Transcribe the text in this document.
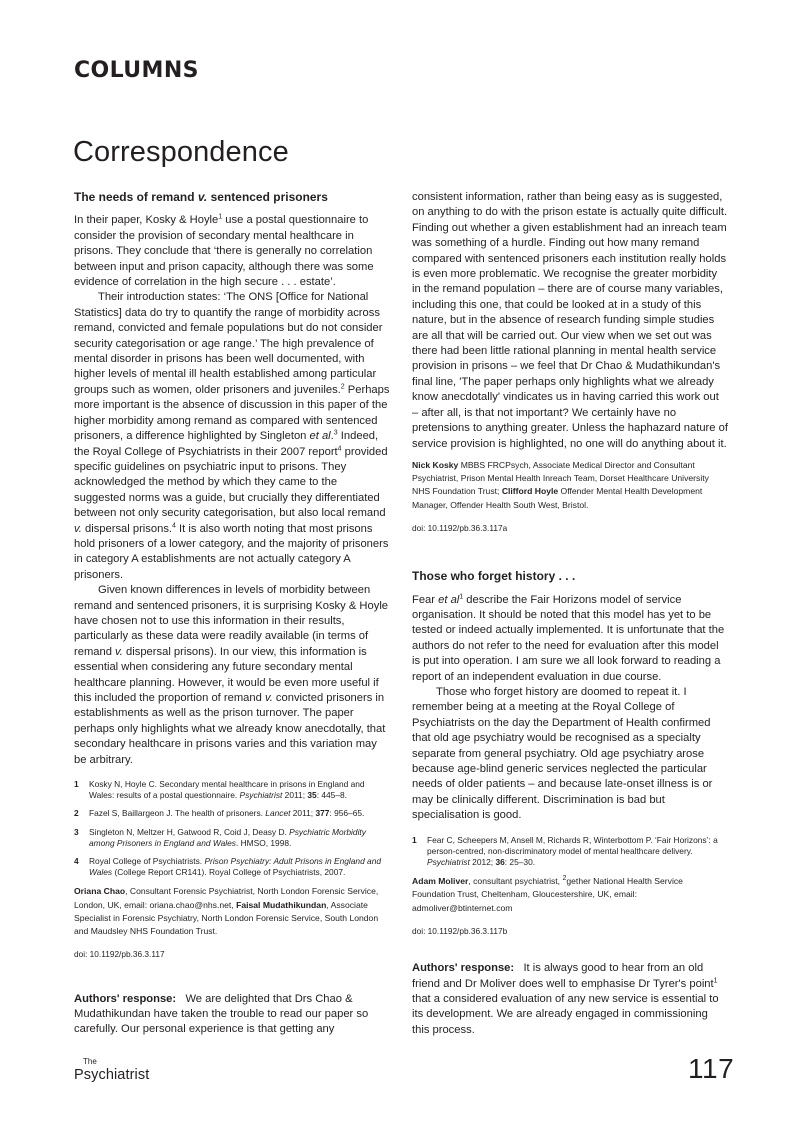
COLUMNS
Correspondence
The needs of remand v. sentenced prisoners

In their paper, Kosky & Hoyle$^1$ use a postal questionnaire to consider the provision of secondary mental healthcare in prisons. They conclude that ‘there is generally no correlation between input and prison capacity, although there was some evidence of correlation in the high secure . . . estate’.

Their introduction states: ‘The ONS [Office for National Statistics] data do try to quantify the range of morbidity across remand, convicted and female populations but do not consider security categorisation or age range.’ The high prevalence of mental disorder in prisons has been well documented, with higher levels of mental ill health established among particular groups such as women, older prisoners and juveniles.$^2$ Perhaps more important is the absence of discussion in this paper of the higher morbidity among remand as compared with sentenced prisoners, a difference highlighted by Singleton et al.$^3$ Indeed, the Royal College of Psychiatrists in their 2007 report$^4$ provided specific guidelines on psychiatric input to prisons. They acknowledged the method by which they came to the suggested norms was a guide, but crucially they differentiated between not only security categorisation, but also local remand v. dispersal prisons.$^4$ It is also worth noting that most prisons hold prisoners of a lower category, and the majority of prisoners in category A establishments are not actually category A prisoners.

Given known differences in levels of morbidity between remand and sentenced prisoners, it is surprising Kosky & Hoyle have chosen not to use this information in their results, particularly as these data were readily available (in terms of remand v. dispersal prisons). In our view, this information is essential when considering any future secondary mental healthcare planning. However, it would be even more useful if this included the proportion of remand v. convicted prisoners in establishments as well as the prison turnover. The paper perhaps only highlights what we already know anecdotally, that secondary healthcare in prisons varies and this variation may be arbitrary.

1	Kosky N, Hoyle C. Secondary mental healthcare in prisons in England and Wales: results of a postal questionnaire. Psychiatrist 2011; 35: 445–8.
2	Fazel S, Baillargeon J. The health of prisoners. Lancet 2011; 377: 956–65.
3	Singleton N, Meltzer H, Gatwood R, Coid J, Deasy D. Psychiatric Morbidity among Prisoners in England and Wales. HMSO, 1998.
4	Royal College of Psychiatrists. Prison Psychiatry: Adult Prisons in England and Wales (College Report CR141). Royal College of Psychiatrists, 2007.

Oriana Chao, Consultant Forensic Psychiatrist, North London Forensic Service, London, UK, email: oriana.chao@nhs.net, Faisal Mudathikundan, Associate Specialist in Forensic Psychiatry, North London Forensic Service, South London and Maudsley NHS Foundation Trust.

doi: 10.1192/pb.36.3.117

Authors' response: We are delighted that Drs Chao & Mudathikundan have taken the trouble to read our paper so carefully. Our personal experience is that getting any

consistent information, rather than being easy as is suggested, on anything to do with the prison estate is actually quite difficult. Finding out whether a given establishment had an inreach team was something of a hurdle. Finding out how many remand compared with sentenced prisoners each institution really holds is even more problematic. We recognise the greater morbidity in the remand population – there are of course many variables, including this one, that could be looked at in a study of this nature, but in the absence of research funding simple studies are all that will be carried out. Our view when we set out was there had been little rational planning in mental health service provision in prisons – we feel that Dr Chao & Mudathikundan's final line, 'The paper perhaps only highlights what we already know anecdotally' vindicates us in having carried this work out – after all, is that not important? We certainly have no pretensions to anything greater. Unless the haphazard nature of service provision is highlighted, no one will do anything about it.

Nick Kosky MBBS FRCPsych, Associate Medical Director and Consultant Psychiatrist, Prison Mental Health Inreach Team, Dorset Healthcare University NHS Foundation Trust; Clifford Hoyle Offender Mental Health Development Manager, Offender Health South West, Bristol.

doi: 10.1192/pb.36.3.117a

Those who forget history . . .

Fear et $al^1$ describe the Fair Horizons model of service organisation. It should be noted that this model has yet to be tested or indeed actually implemented. It is unfortunate that the authors do not refer to the need for evaluation after this model is put into operation. I am sure we all look forward to reading a report of an independent evaluation in due course.

Those who forget history are doomed to repeat it. I remember being at a meeting at the Royal College of Psychiatrists on the day the Department of Health confirmed that old age psychiatry would be recognised as a specialty separate from general psychiatry. Old age psychiatry arose because age-blind generic services neglected the particular needs of older patients – and because late-onset illness is or may be clinically different. Discrimination is bad but specialisation is good.

1	Fear C, Scheepers M, Ansell M, Richards R, Winterbottom P. ‘Fair Horizons’: a person-centred, non-discriminatory model of mental healthcare delivery. Psychiatrist 2012; 36: 25–30.

Adam Moliver, consultant psychiatrist, $^2$gether National Health Service Foundation Trust, Cheltenham, Gloucestershire, UK, email: admoliver@btinternet.com

doi: 10.1192/pb.36.3.117b

Authors' response: It is always good to hear from an old friend and Dr Moliver does well to emphasise Dr Tyrer's point$^1$ that a considered evaluation of any new service is essential to its development. We are already engaged in commissioning this process.

The
Psychiatrist	117
